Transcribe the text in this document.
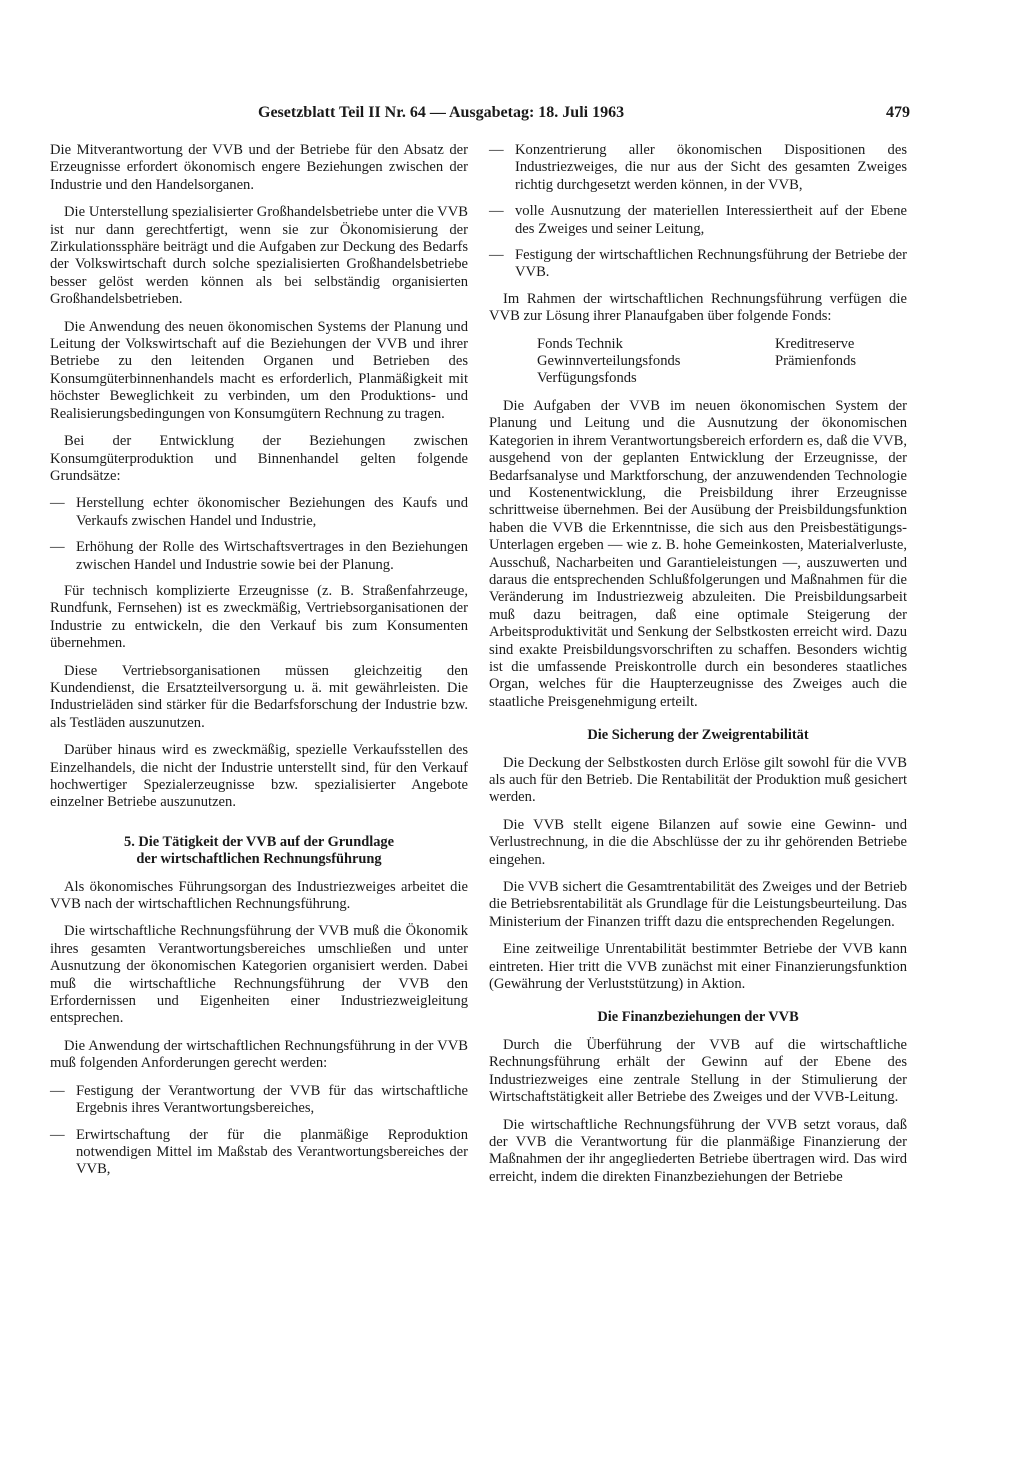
Gesetzblatt Teil II Nr. 64 — Ausgabetag: 18. Juli 1963	479

Die Mitverantwortung der VVB und der Betriebe für den Absatz der Erzeugnisse erfordert ökonomisch engere Beziehungen zwischen der Industrie und den Handelsorganen.

Die Unterstellung spezialisierter Großhandelsbetriebe unter die VVB ist nur dann gerechtfertigt, wenn sie zur Ökonomisierung der Zirkulationssphäre beiträgt und die Aufgaben zur Deckung des Bedarfs der Volkswirtschaft durch solche spezialisierten Großhandelsbetriebe besser gelöst werden können als bei selbständig organisierten Großhandelsbetrieben.

Die Anwendung des neuen ökonomischen Systems der Planung und Leitung der Volkswirtschaft auf die Beziehungen der VVB und ihrer Betriebe zu den leitenden Organen und Betrieben des Konsumgüterbinnenhandels macht es erforderlich, Planmäßigkeit mit höchster Beweglichkeit zu verbinden, um den Produktions- und Realisierungsbedingungen von Konsumgütern Rechnung zu tragen.

Bei der Entwicklung der Beziehungen zwischen Konsumgüterproduktion und Binnenhandel gelten folgende Grundsätze:

— Herstellung echter ökonomischer Beziehungen des Kaufs und Verkaufs zwischen Handel und Industrie,
— Erhöhung der Rolle des Wirtschaftsvertrages in den Beziehungen zwischen Handel und Industrie sowie bei der Planung.

Für technisch komplizierte Erzeugnisse (z. B. Straßenfahrzeuge, Rundfunk, Fernsehen) ist es zweckmäßig, Vertriebsorganisationen der Industrie zu entwickeln, die den Verkauf bis zum Konsumenten übernehmen.

Diese Vertriebsorganisationen müssen gleichzeitig den Kundendienst, die Ersatzteilversorgung u. ä. mit gewährleisten. Die Industrieläden sind stärker für die Bedarfsforschung der Industrie bzw. als Testläden auszunutzen.

Darüber hinaus wird es zweckmäßig, spezielle Verkaufsstellen des Einzelhandels, die nicht der Industrie unterstellt sind, für den Verkauf hochwertiger Spezialerzeugnisse bzw. spezialisierter Angebote einzelner Betriebe auszunutzen.

5. Die Tätigkeit der VVB auf der Grundlage
der wirtschaftlichen Rechnungsführung

Als ökonomisches Führungsorgan des Industriezweiges arbeitet die VVB nach der wirtschaftlichen Rechnungsführung.

Die wirtschaftliche Rechnungsführung der VVB muß die Ökonomik ihres gesamten Verantwortungsbereiches umschließen und unter Ausnutzung der ökonomischen Kategorien organisiert werden. Dabei muß die wirtschaftliche Rechnungsführung der VVB den Erfordernissen und Eigenheiten einer Industriezweigleitung entsprechen.

Die Anwendung der wirtschaftlichen Rechnungsführung in der VVB muß folgenden Anforderungen gerecht werden:

— Festigung der Verantwortung der VVB für das wirtschaftliche Ergebnis ihres Verantwortungsbereiches,
— Erwirtschaftung der für die planmäßige Reproduktion notwendigen Mittel im Maßstab des Verantwortungsbereiches der VVB,
— Konzentrierung aller ökonomischen Dispositionen des Industriezweiges, die nur aus der Sicht des gesamten Zweiges richtig durchgesetzt werden können, in der VVB,
— volle Ausnutzung der materiellen Interessiertheit auf der Ebene des Zweiges und seiner Leitung,
— Festigung der wirtschaftlichen Rechnungsführung der Betriebe der VVB.

Im Rahmen der wirtschaftlichen Rechnungsführung verfügen die VVB zur Lösung ihrer Planaufgaben über folgende Fonds:

Fonds Technik	Kreditreserve
Gewinnverteilungsfonds	Prämienfonds
Verfügungsfonds

Die Aufgaben der VVB im neuen ökonomischen System der Planung und Leitung und die Ausnutzung der ökonomischen Kategorien in ihrem Verantwortungsbereich erfordern es, daß die VVB, ausgehend von der geplanten Entwicklung der Erzeugnisse, der Bedarfsanalyse und Marktforschung, der anzuwendenden Technologie und Kostenentwicklung, die Preisbildung ihrer Erzeugnisse schrittweise übernehmen. Bei der Ausübung der Preisbildungsfunktion haben die VVB die Erkenntnisse, die sich aus den Preisbestätigungs-Unterlagen ergeben — wie z. B. hohe Gemeinkosten, Materialverluste, Ausschuß, Nacharbeiten und Garantieleistungen —, auszuwerten und daraus die entsprechenden Schlußfolgerungen und Maßnahmen für die Veränderung im Industriezweig abzuleiten. Die Preisbildungsarbeit muß dazu beitragen, daß eine optimale Steigerung der Arbeitsproduktivität und Senkung der Selbstkosten erreicht wird. Dazu sind exakte Preisbildungsvorschriften zu schaffen. Besonders wichtig ist die umfassende Preiskontrolle durch ein besonderes staatliches Organ, welches für die Haupterzeugnisse des Zweiges auch die staatliche Preisgenehmigung erteilt.

Die Sicherung der Zweigrentabilität

Die Deckung der Selbstkosten durch Erlöse gilt sowohl für die VVB als auch für den Betrieb. Die Rentabilität der Produktion muß gesichert werden.

Die VVB stellt eigene Bilanzen auf sowie eine Gewinn- und Verlustrechnung, in die die Abschlüsse der zu ihr gehörenden Betriebe eingehen.

Die VVB sichert die Gesamtrentabilität des Zweiges und der Betrieb die Betriebsrentabilität als Grundlage für die Leistungsbeurteilung. Das Ministerium der Finanzen trifft dazu die entsprechenden Regelungen.

Eine zeitweilige Unrentabilität bestimmter Betriebe der VVB kann eintreten. Hier tritt die VVB zunächst mit einer Finanzierungsfunktion (Gewährung der Verluststützung) in Aktion.

Die Finanzbeziehungen der VVB

Durch die Überführung der VVB auf die wirtschaftliche Rechnungsführung erhält der Gewinn auf der Ebene des Industriezweiges eine zentrale Stellung in der Stimulierung der Wirtschaftstätigkeit aller Betriebe des Zweiges und der VVB-Leitung.

Die wirtschaftliche Rechnungsführung der VVB setzt voraus, daß der VVB die Verantwortung für die planmäßige Finanzierung der Maßnahmen der ihr angegliederten Betriebe übertragen wird. Das wird erreicht, indem die direkten Finanzbeziehungen der Betriebe
